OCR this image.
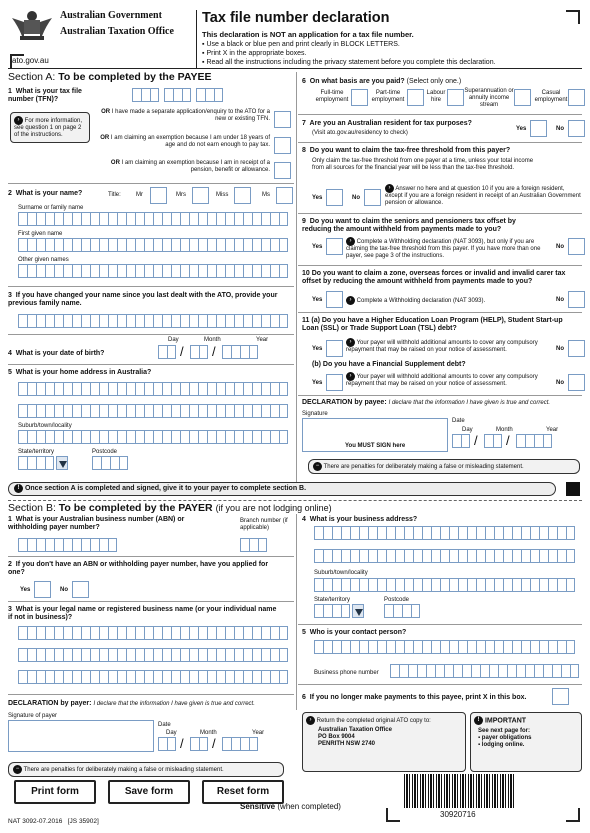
Australian Government
Australian Taxation Office
ato.gov.au
Tax file number declaration
This declaration is NOT an application for a tax file number.
▪ Use a black or blue pen and print clearly in BLOCK LETTERS.
▪ Print X in the appropriate boxes.
▪ Read all the instructions including the privacy statement before you complete this declaration.
Section A: To be completed by the PAYEE
1  What is your tax file number (TFN)?
› For more information, see question 1 on page 2 of the instructions.
OR I have made a separate application/enquiry to the ATO for a new or existing TFN.
OR I am claiming an exemption because I am under 18 years of age and do not earn enough to pay tax.
OR I am claiming an exemption because I am in receipt of a pension, benefit or allowance.
2  What is your name?	Title:	Mr	Mrs	Miss	Ms
Surname or family name
First given name
Other given names
3  If you have changed your name since you last dealt with the ATO, provide your previous family name.
4  What is your date of birth?
Day	Month	Year
/ /
5  What is your home address in Australia?
Suburb/town/locality
State/territory	Postcode
6  On what basis are you paid? (Select only one.)
Full-time employment
Part-time employment
Labour hire
Superannuation or annuity income stream
Casual employment
7  Are you an Australian resident for tax purposes?
(Visit ato.gov.au/residency to check)
Yes	No
8  Do you want to claim the tax-free threshold from this payer?
Only claim the tax-free threshold from one payer at a time, unless your total income from all sources for the financial year will be less than the tax-free threshold.
Yes	No
› Answer no here and at question 10 if you are a foreign resident, except if you are a foreign resident in receipt of an Australian Government pension or allowance.
9  Do you want to claim the seniors and pensioners tax offset by reducing the amount withheld from payments made to you?
Yes
› Complete a Withholding declaration (NAT 3093), but only if you are claiming the tax-free threshold from this payer. If you have more than one payer, see page 3 of the instructions.
No
10 Do you want to claim a zone, overseas forces or invalid and invalid carer tax offset by reducing the amount withheld from payments made to you?
Yes	› Complete a Withholding declaration (NAT 3093).	No
11 (a) Do you have a Higher Education Loan Program (HELP), Student Start-up Loan (SSL) or Trade Support Loan (TSL) debt?
Yes
› Your payer will withhold additional amounts to cover any compulsory repayment that may be raised on your notice of assessment.	No
(b) Do you have a Financial Supplement debt?
Yes
› Your payer will withhold additional amounts to cover any compulsory repayment that may be raised on your notice of assessment.	No
DECLARATION by payee: I declare that the information I have given is true and correct.
Signature
You MUST SIGN here
Date
Day	Month	Year
/ /
− There are penalties for deliberately making a false or misleading statement.
! Once section A is completed and signed, give it to your payer to complete section B.
Section B: To be completed by the PAYER (if you are not lodging online)
1  What is your Australian business number (ABN) or withholding payer number?
Branch number (if applicable)
2  If you don't have an ABN or withholding payer number, have you applied for one?
Yes	No
3  What is your legal name or registered business name (or your individual name if not in business)?
4  What is your business address?
Suburb/town/locality
State/territory	Postcode
5  Who is your contact person?
Business phone number
6  If you no longer make payments to this payee, print X in this box.
DECLARATION by payer: I declare that the information I have given is true and correct.
Signature of payer
Date
Day	Month	Year
/ /
− There are penalties for deliberately making a false or misleading statement.
› Return the completed original ATO copy to:
Australian Taxation Office
PO Box 9004
PENRITH NSW 2740
! IMPORTANT
See next page for:
▪ payer obligations
▪ lodging online.
Print form	Save form	Reset form
Sensitive (when completed)
NAT 3092-07.2016 [JS 35902]
30920716
